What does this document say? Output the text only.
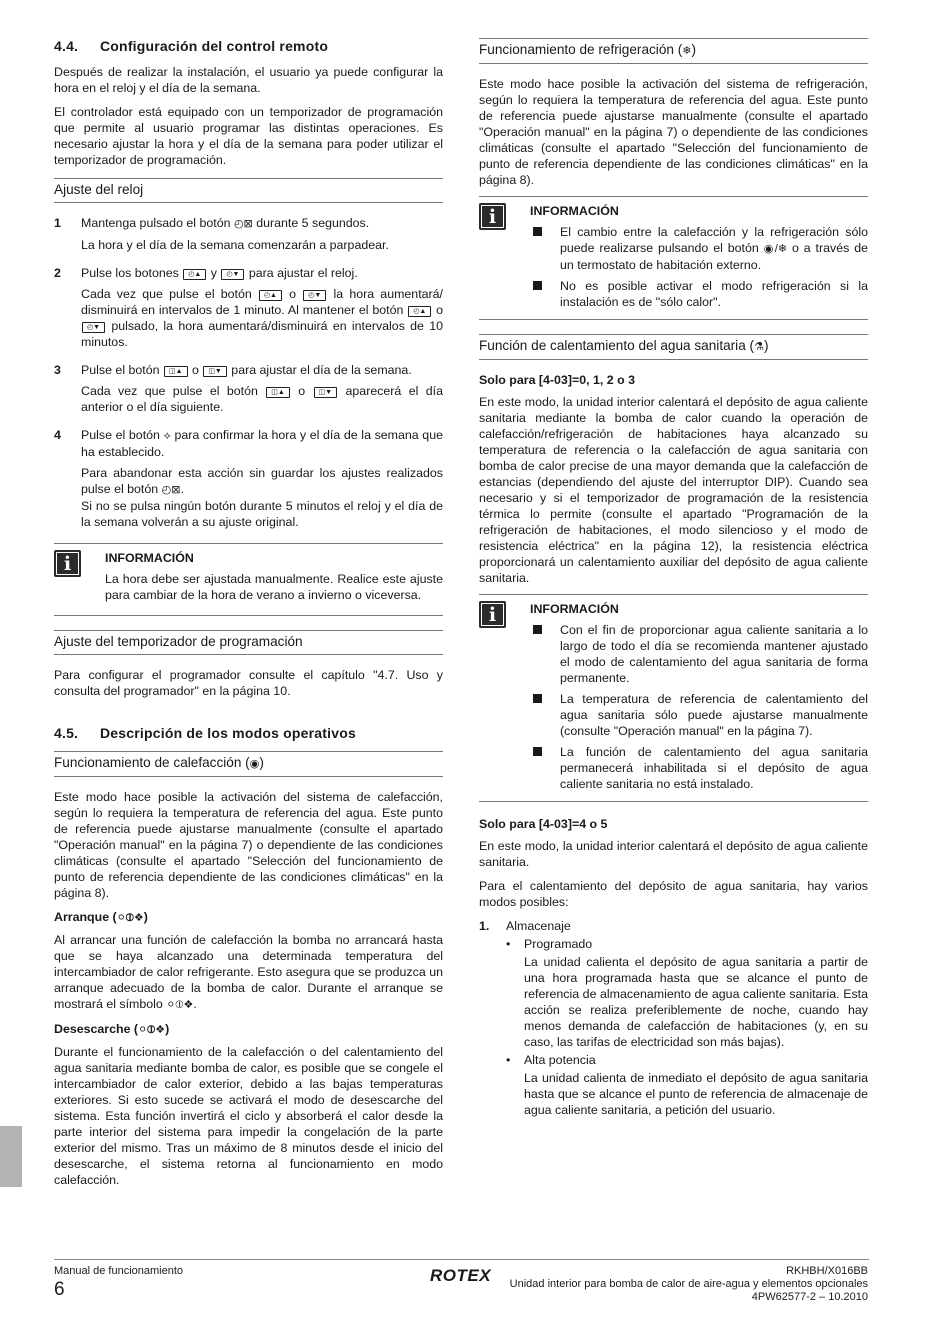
4.4. Configuración del control remoto

Después de realizar la instalación, el usuario ya puede configurar la hora en el reloj y el día de la semana.

El controlador está equipado con un temporizador de programación que permite al usuario programar las distintas operaciones. Es necesario ajustar la hora y el día de la semana para poder utilizar el temporizador de programación.

Ajuste del reloj
1	Mantenga pulsado el botón ◴⊠ durante 5 segundos.

La hora y el día de la semana comenzarán a parpadear.

2	Pulse los botones ◴▲ y ◴▼ para ajustar el reloj.

Cada vez que pulse el botón ◴▲ o ◴▼ la hora aumentará/ disminuirá en intervalos de 1 minuto. Al mantener el botón ◴▲ o ◴▼ pulsado, la hora aumentará/disminuirá en intervalos de 10 minutos.

3	Pulse el botón ◫▲ o ◫▼ para ajustar el día de la semana.

Cada vez que pulse el botón ◫▲ o ◫▼ aparecerá el día anterior o el día siguiente.

4	Pulse el botón ⟡ para confirmar la hora y el día de la semana que ha establecido.

Para abandonar esta acción sin guardar los ajustes realizados pulse el botón ◴⊠.

Si no se pulsa ningún botón durante 5 minutos el reloj y el día de la semana volverán a su ajuste original.

i	INFORMACIÓN

La hora debe ser ajustada manualmente. Realice este ajuste para cambiar de la hora de verano a invierno o viceversa.

Ajuste del temporizador de programación

Para configurar el programador consulte el capítulo "4.7. Uso y consulta del programador" en la página 10.

4.5. Descripción de los modos operativos
Funcionamiento de calefacción (◉)

Este modo hace posible la activación del sistema de calefacción, según lo requiera la temperatura de referencia del agua. Este punto de referencia puede ajustarse manualmente (consulte el apartado "Operación manual" en la página 7) o dependiente de las condiciones climáticas (consulte el apartado "Selección del funcionamiento de punto de referencia dependiente de las condiciones climáticas" en la página 8).

Arranque (⚪⦶❖)

Al arrancar una función de calefacción la bomba no arrancará hasta que se haya alcanzado una determinada temperatura del intercambiador de calor refrigerante. Esto asegura que se produzca un arranque adecuado de la bomba de calor. Durante el arranque se mostrará el símbolo ⚪⦶❖.

Desescarche (⚪⦶❖)

Durante el funcionamiento de la calefacción o del calentamiento del agua sanitaria mediante bomba de calor, es posible que se congele el intercambiador de calor exterior, debido a las bajas temperaturas exteriores. Si esto sucede se activará el modo de desescarche del sistema. Esta función invertirá el ciclo y absorberá el calor desde la parte interior del sistema para impedir la congelación de la parte exterior del mismo. Tras un máximo de 8 minutos desde el inicio del desescarche, el sistema retorna al funcionamiento en modo calefacción.

Funcionamiento de refrigeración (❄)

Este modo hace posible la activación del sistema de refrigeración, según lo requiera la temperatura de referencia del agua. Este punto de referencia puede ajustarse manualmente (consulte el apartado "Operación manual" en la página 7) o dependiente de las condiciones climáticas (consulte el apartado "Selección del funcionamiento de punto de referencia dependiente de las condiciones climáticas" en la página 8).

i	INFORMACIÓN
El cambio entre la calefacción y la refrigeración sólo puede realizarse pulsando el botón ◉/❄ o a través de un termostato de habitación externo.
No es posible activar el modo refrigeración si la instalación es de "sólo calor".
Función de calentamiento del agua sanitaria (⚗)
Solo para [4-03]=0, 1, 2 o 3

En este modo, la unidad interior calentará el depósito de agua caliente sanitaria mediante la bomba de calor cuando la operación de calefacción/refrigeración de habitaciones haya alcanzado su temperatura de referencia o la calefacción de agua sanitaria con bomba de calor precise de una mayor demanda que la calefacción de estancias (dependiendo del ajuste del interruptor DIP). Cuando sea necesario y si el temporizador de programación de la resistencia térmica lo permite (consulte el apartado "Programación de la refrigeración de habitaciones, el modo silencioso y el modo de resistencia eléctrica" en la página 12), la resistencia eléctrica proporcionará un calentamiento auxiliar del depósito de agua caliente sanitaria.

i	INFORMACIÓN
Con el fin de proporcionar agua caliente sanitaria a lo largo de todo el día se recomienda mantener ajustado el modo de calentamiento del agua sanitaria de forma permanente.
La temperatura de referencia de calentamiento del agua sanitaria sólo puede ajustarse manualmente (consulte "Operación manual" en la página 7).
La función de calentamiento del agua sanitaria permanecerá inhabilitada si el depósito de agua caliente sanitaria no está instalado.
Solo para [4-03]=4 o 5

En este modo, la unidad interior calentará el depósito de agua caliente sanitaria.

Para el calentamiento del depósito de agua sanitaria, hay varios modos posibles:

1.	Almacenaje
•	Programado

La unidad calienta el depósito de agua sanitaria a partir de una hora programada hasta que se alcance el punto de referencia de almacenamiento de agua caliente sanitaria. Esta acción se realiza preferiblemente de noche, cuando hay menos demanda de calefacción de habitaciones (y, en su caso, las tarifas de electricidad son más bajas).

•	Alta potencia

La unidad calienta de inmediato el depósito de agua sanitaria hasta que se alcance el punto de referencia de almacenaje de agua caliente sanitaria, a petición del usuario.

Manual de funcionamiento
6
ROTEX	RKHBH/X016BB
Unidad interior para bomba de calor de aire-agua y elementos opcionales
4PW62577-2 – 10.2010
